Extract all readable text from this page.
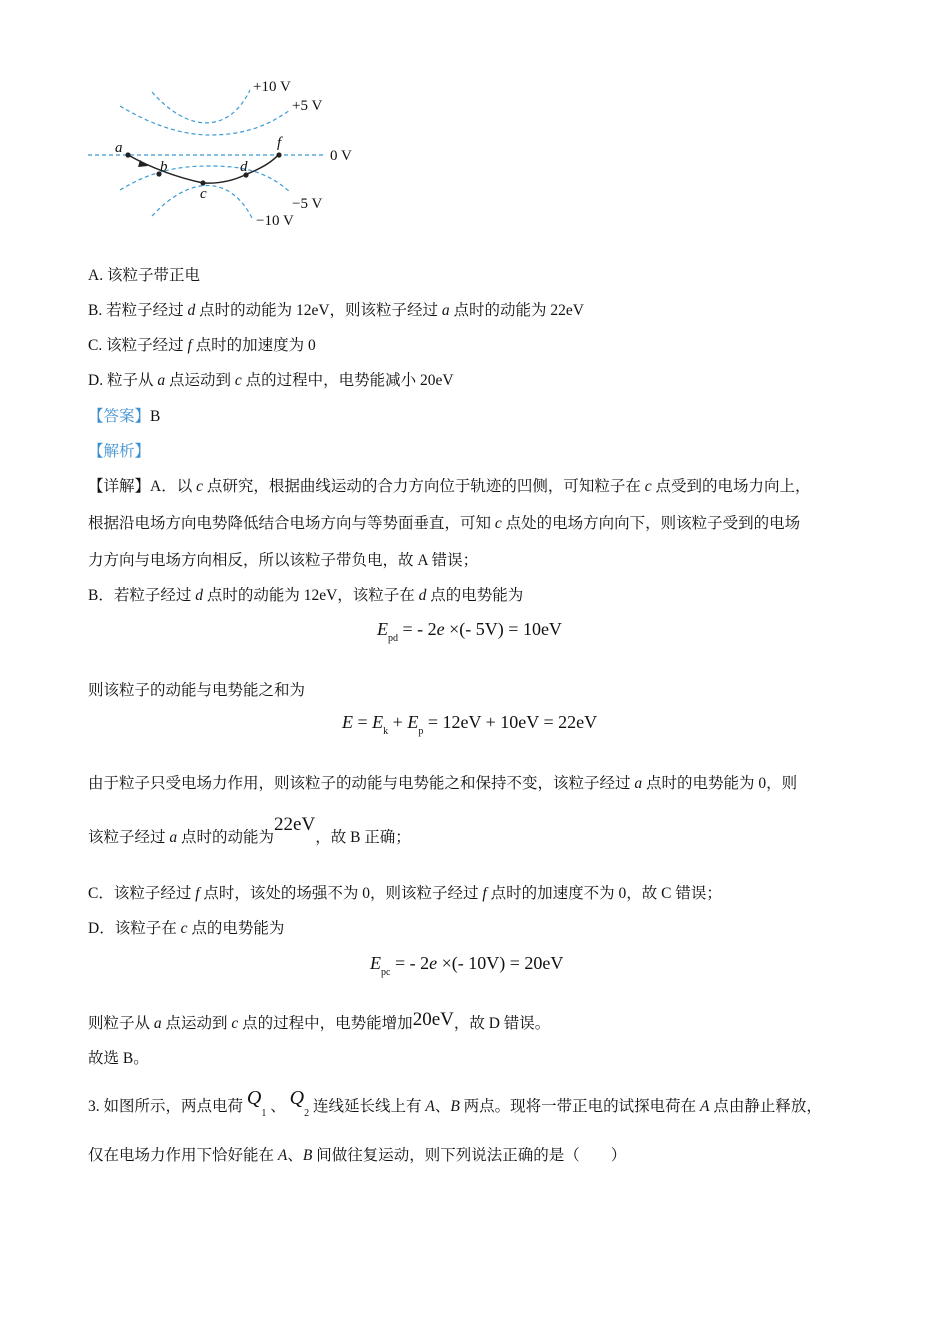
+10 V
+5 V
0 V
−5 V
−10 V
a
b
c
d
f
A. 该粒子带正电
B. 若粒子经过 d 点时的动能为 12eV，则该粒子经过 a 点时的动能为 22eV
C. 该粒子经过 f 点时的加速度为 0
D. 粒子从 a 点运动到 c 点的过程中，电势能减小 20eV
【答案】B
【解析】
【详解】A．以 c 点研究，根据曲线运动的合力方向位于轨迹的凹侧，可知粒子在 c 点受到的电场力向上，
根据沿电场方向电势降低结合电场方向与等势面垂直，可知 c 点处的电场方向向下，则该粒子受到的电场
力方向与电场方向相反，所以该粒子带负电，故 A 错误；
B．若粒子经过 d 点时的动能为 12eV，该粒子在 d 点的电势能为
$E_{pd}$ = - 2e ×(- 5V) = 10eV
则该粒子的动能与电势能之和为
$E = E_k + E_p = 12eV + 10eV = 22eV$
由于粒子只受电场力作用，则该粒子的动能与电势能之和保持不变，该粒子经过 a 点时的电势能为 0，则
该粒子经过 a 点时的动能为22eV，故 B 正确；
C．该粒子经过 f 点时，该处的场强不为 0，则该粒子经过 f 点时的加速度不为 0，故 C 错误；
D．该粒子在 c 点的电势能为
$E_{pc}$ = - 2e ×(- 10V) = 20eV
则粒子从 a 点运动到 c 点的过程中，电势能增加20eV，故 D 错误。
故选 B。
3. 如图所示，两点电荷 $Q_1$ 、 $Q_2$ 连线延长线上有 A、B 两点。现将一带正电的试探电荷在 A 点由静止释放，
仅在电场力作用下恰好能在 A、B 间做往复运动，则下列说法正确的是（　　）
